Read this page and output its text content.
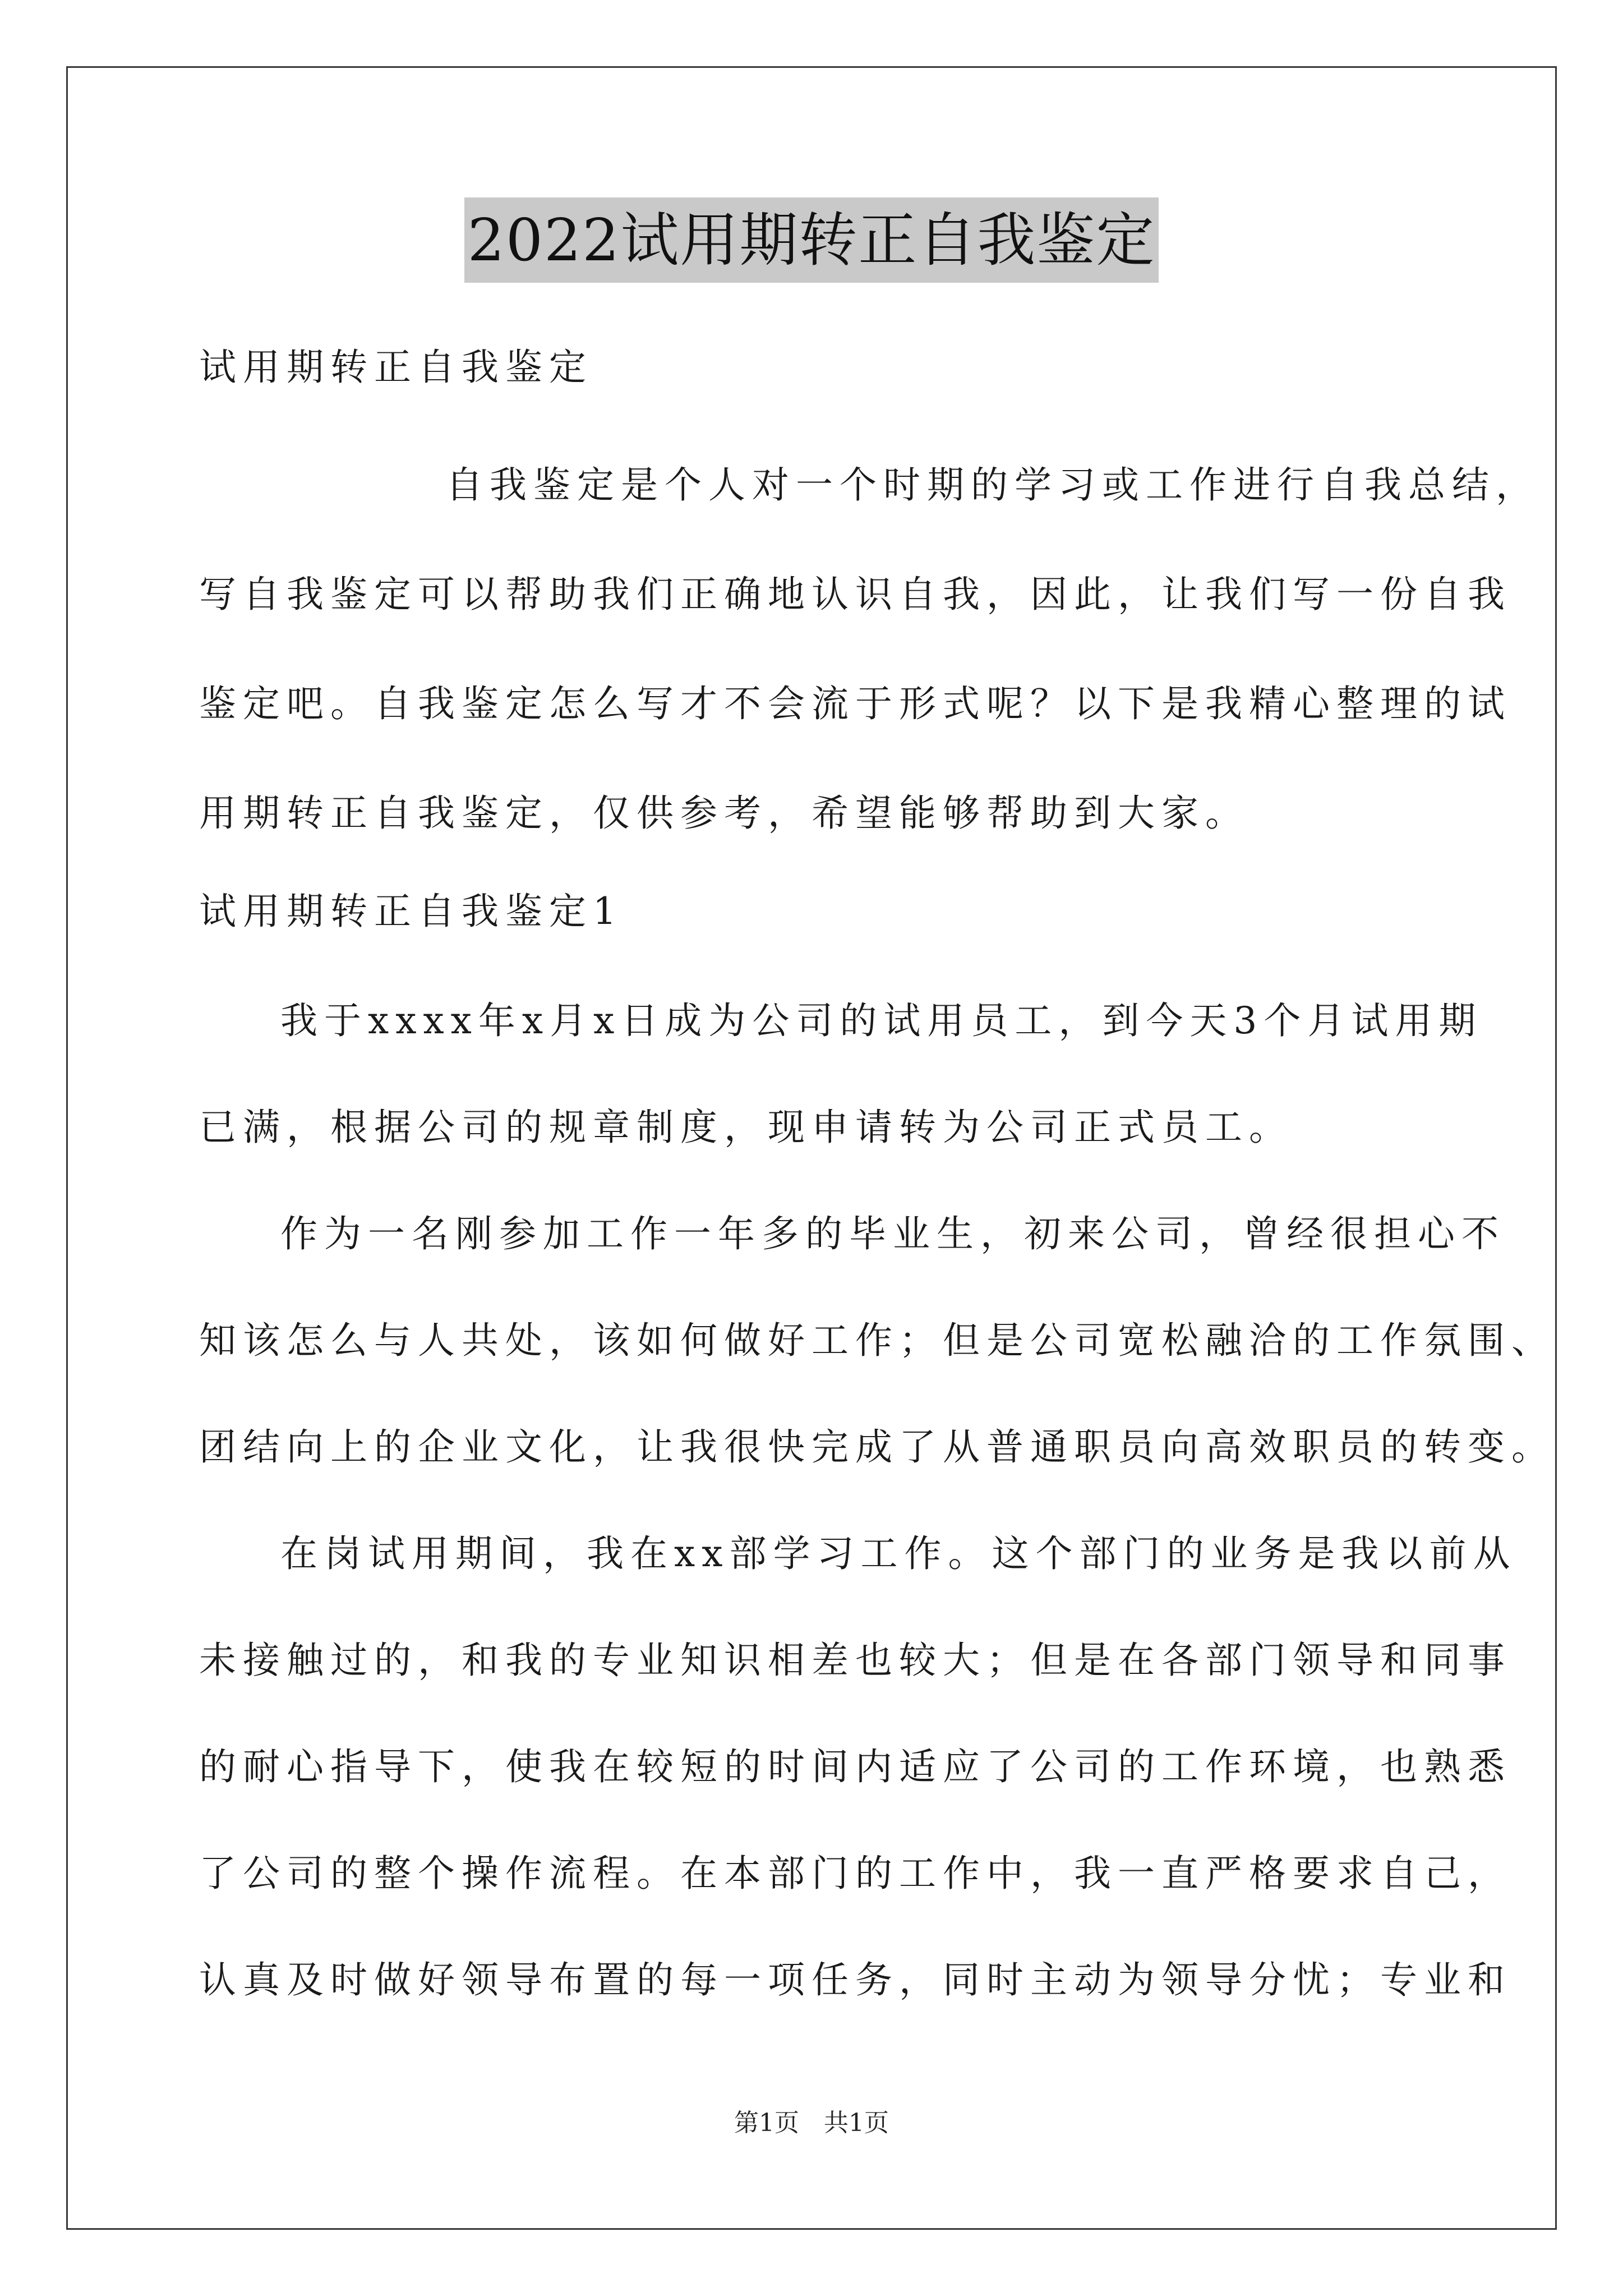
2022试用期转正自我鉴定
试用期转正自我鉴定
自我鉴定是个人对一个时期的学习或工作进行自我总结，
写自我鉴定可以帮助我们正确地认识自我，因此，让我们写一份自我
鉴定吧。自我鉴定怎么写才不会流于形式呢？以下是我精心整理的试
用期转正自我鉴定，仅供参考，希望能够帮助到大家。
试用期转正自我鉴定1
我于xxxx年x月x日成为公司的试用员工，到今天3个月试用期
已满，根据公司的规章制度，现申请转为公司正式员工。
作为一名刚参加工作一年多的毕业生，初来公司，曾经很担心不
知该怎么与人共处，该如何做好工作；但是公司宽松融洽的工作氛围、
团结向上的企业文化，让我很快完成了从普通职员向高效职员的转变。
在岗试用期间，我在xx部学习工作。这个部门的业务是我以前从
未接触过的，和我的专业知识相差也较大；但是在各部门领导和同事
的耐心指导下，使我在较短的时间内适应了公司的工作环境，也熟悉
了公司的整个操作流程。在本部门的工作中，我一直严格要求自己，
认真及时做好领导布置的每一项任务，同时主动为领导分忧；专业和
第1页 共1页
